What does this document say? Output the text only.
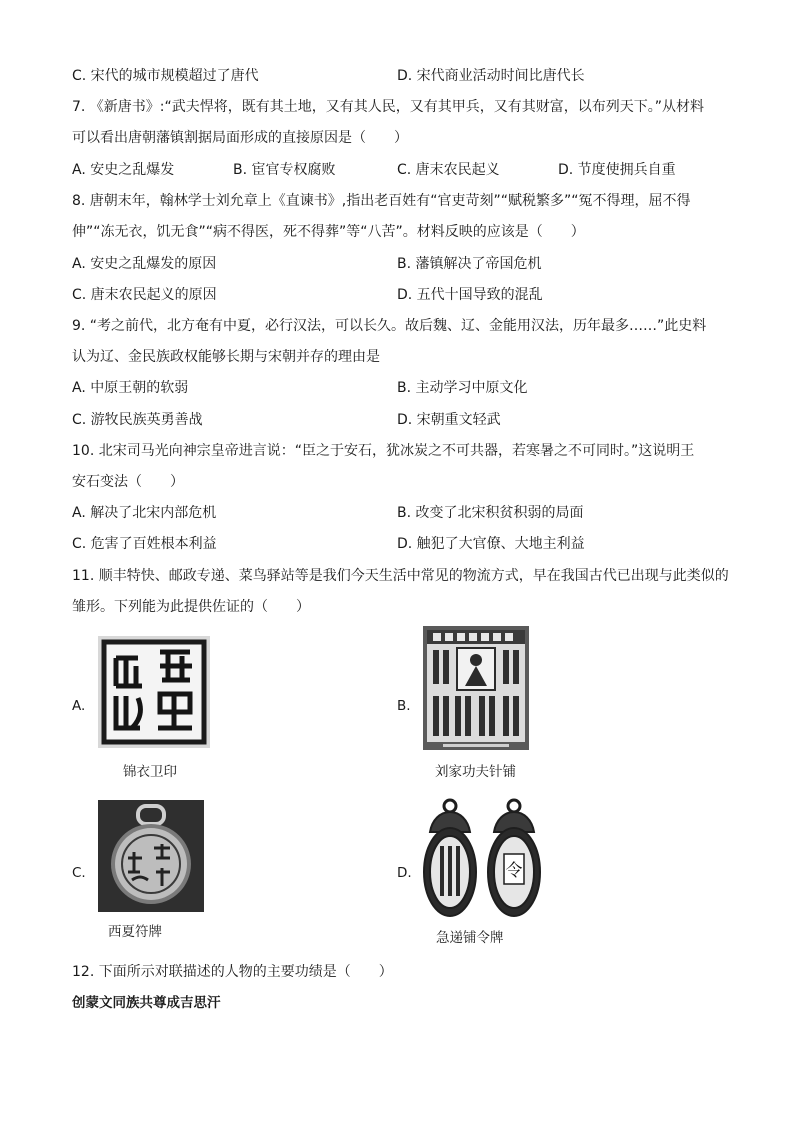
C. 宋代的城市规模超过了唐代	D. 宋代商业活动时间比唐代长
7. 《新唐书》:“武夫悍将，既有其土地，又有其人民，又有其甲兵，又有其财富，以布列天下。”从材料
可以看出唐朝藩镇割据局面形成的直接原因是（　　）
A. 安史之乱爆发	B. 宦官专权腐败	C. 唐末农民起义	D. 节度使拥兵自重
8. 唐朝末年，翰林学士刘允章上《直谏书》,指出老百姓有“官吏苛刻”“赋税繁多”“冤不得理，屈不得
伸”“冻无衣，饥无食”“病不得医，死不得葬”等“八苦”。材料反映的应该是（　　）
A. 安史之乱爆发的原因	B. 藩镇解决了帝国危机
C. 唐末农民起义的原因	D. 五代十国导致的混乱
9. “考之前代，北方奄有中夏，必行汉法，可以长久。故后魏、辽、金能用汉法，历年最多……”此史料
认为辽、金民族政权能够长期与宋朝并存的理由是
A. 中原王朝的软弱	B. 主动学习中原文化
C. 游牧民族英勇善战	D. 宋朝重文轻武
10. 北宋司马光向神宗皇帝进言说：“臣之于安石，犹冰炭之不可共器，若寒暑之不可同时。”这说明王
安石变法（　　）
A. 解决了北宋内部危机	B. 改变了北宋积贫积弱的局面
C. 危害了百姓根本利益	D. 触犯了大官僚、大地主利益
11. 顺丰特快、邮政专递、菜鸟驿站等是我们今天生活中常见的物流方式，早在我国古代已出现与此类似的
雏形。下列能为此提供佐证的（　　）
A.
锦衣卫印
B.
刘家功夫针铺
C.
西夏符牌
D.	令
急递铺令牌
12. 下面所示对联描述的人物的主要功绩是（　　）
创蒙文同族共尊成吉思汗
